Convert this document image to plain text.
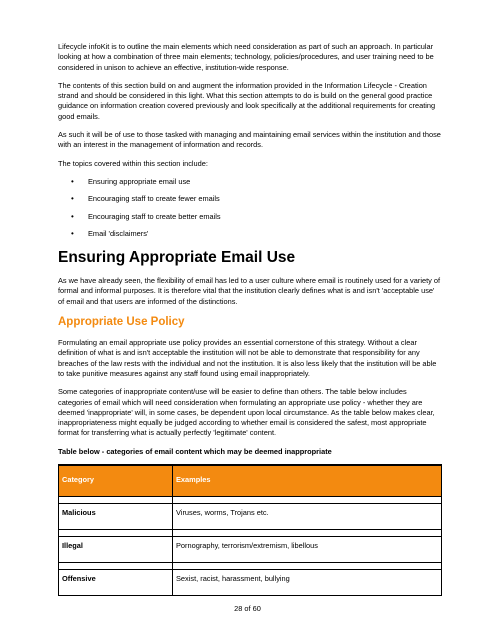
Lifecycle infoKit is to outline the main elements which need consideration as part of such an approach. In particular looking at how a combination of three main elements; technology, policies/procedures, and user training need to be considered in unison to achieve an effective, institution-wide response.

The contents of this section build on and augment the information provided in the Information Lifecycle - Creation strand and should be considered in this light. What this section attempts to do is build on the general good practice guidance on information creation covered previously and look specifically at the additional requirements for creating good emails.

As such it will be of use to those tasked with managing and maintaining email services within the institution and those with an interest in the management of information and records.

The topics covered within this section include:

• Ensuring appropriate email use
• Encouraging staff to create fewer emails
• Encouraging staff to create better emails
• Email 'disclaimers'
Ensuring Appropriate Email Use

As we have already seen, the flexibility of email has led to a user culture where email is routinely used for a variety of formal and informal purposes. It is therefore vital that the institution clearly defines what is and isn't 'acceptable use' of email and that users are informed of the distinctions.

Appropriate Use Policy

Formulating an email appropriate use policy provides an essential cornerstone of this strategy. Without a clear definition of what is and isn't acceptable the institution will not be able to demonstrate that responsibility for any breaches of the law rests with the individual and not the institution. It is also less likely that the institution will be able to take punitive measures against any staff found using email inappropriately.

Some categories of inappropriate content/use will be easier to define than others. The table below includes categories of email which will need consideration when formulating an appropriate use policy - whether they are deemed 'inappropriate' will, in some cases, be dependent upon local circumstance. As the table below makes clear, inappropriateness might equally be judged according to whether email is considered the safest, most appropriate format for transferring what is actually perfectly 'legitimate' content.

Table below - categories of email content which may be deemed inappropriate

Category	Examples

Malicious	Viruses, worms, Trojans etc.

Illegal	Pornography, terrorism/extremism, libellous

Offensive	Sexist, racist, harassment, bullying
28 of 60
